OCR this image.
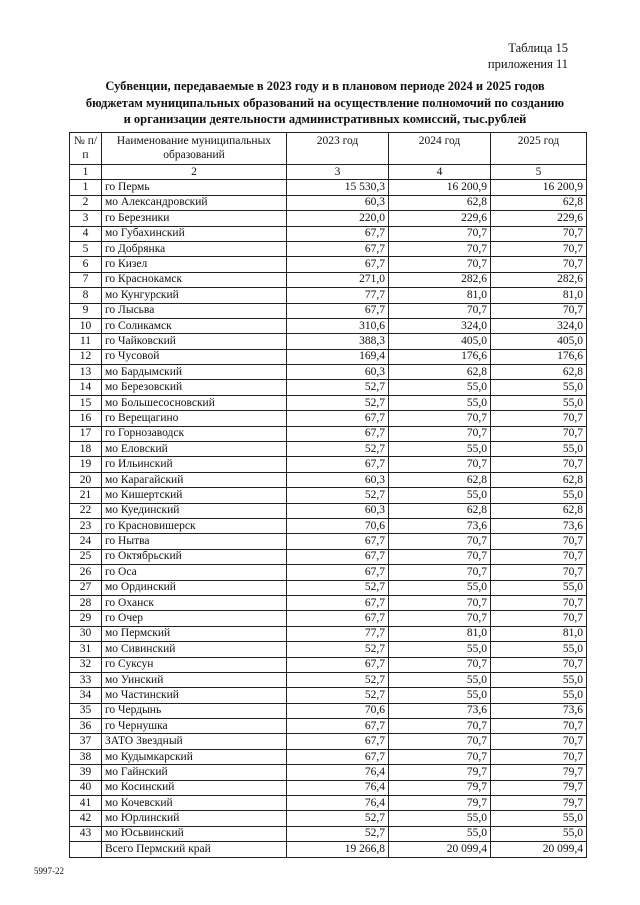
Таблица 15
приложения 11
Субвенции, передаваемые в 2023 году и в плановом периоде 2024 и 2025 годов
бюджетам муниципальных образований на осуществление полномочий по созданию
и организации деятельности административных комиссий, тыс.рублей
№ п/п	Наименование муниципальных образований	2023 год	2024 год	2025 год
1	2	3	4	5
1	го Пермь	15 530,3	16 200,9	16 200,9
2	мо Александровский	60,3	62,8	62,8
3	го Березники	220,0	229,6	229,6
4	мо Губахинский	67,7	70,7	70,7
5	го Добрянка	67,7	70,7	70,7
6	го Кизел	67,7	70,7	70,7
7	го Краснокамск	271,0	282,6	282,6
8	мо Кунгурский	77,7	81,0	81,0
9	го Лысьва	67,7	70,7	70,7
10	го Соликамск	310,6	324,0	324,0
11	го Чайковский	388,3	405,0	405,0
12	го Чусовой	169,4	176,6	176,6
13	мо Бардымский	60,3	62,8	62,8
14	мо Березовский	52,7	55,0	55,0
15	мо Большесосновский	52,7	55,0	55,0
16	го Верещагино	67,7	70,7	70,7
17	го Горнозаводск	67,7	70,7	70,7
18	мо Еловский	52,7	55,0	55,0
19	го Ильинский	67,7	70,7	70,7
20	мо Карагайский	60,3	62,8	62,8
21	мо Кишертский	52,7	55,0	55,0
22	мо Куединский	60,3	62,8	62,8
23	го Красновишерск	70,6	73,6	73,6
24	го Нытва	67,7	70,7	70,7
25	го Октябрьский	67,7	70,7	70,7
26	го Оса	67,7	70,7	70,7
27	мо Ординский	52,7	55,0	55,0
28	го Оханск	67,7	70,7	70,7
29	го Очер	67,7	70,7	70,7
30	мо Пермский	77,7	81,0	81,0
31	мо Сивинский	52,7	55,0	55,0
32	го Суксун	67,7	70,7	70,7
33	мо Уинский	52,7	55,0	55,0
34	мо Частинский	52,7	55,0	55,0
35	го Чердынь	70,6	73,6	73,6
36	го Чернушка	67,7	70,7	70,7
37	ЗАТО Звездный	67,7	70,7	70,7
38	мо Кудымкарский	67,7	70,7	70,7
39	мо Гайнский	76,4	79,7	79,7
40	мо Косинский	76,4	79,7	79,7
41	мо Кочевский	76,4	79,7	79,7
42	мо Юрлинский	52,7	55,0	55,0
43	мо Юсьвинский	52,7	55,0	55,0
	Всего Пермский край	19 266,8	20 099,4	20 099,4
5997-22
